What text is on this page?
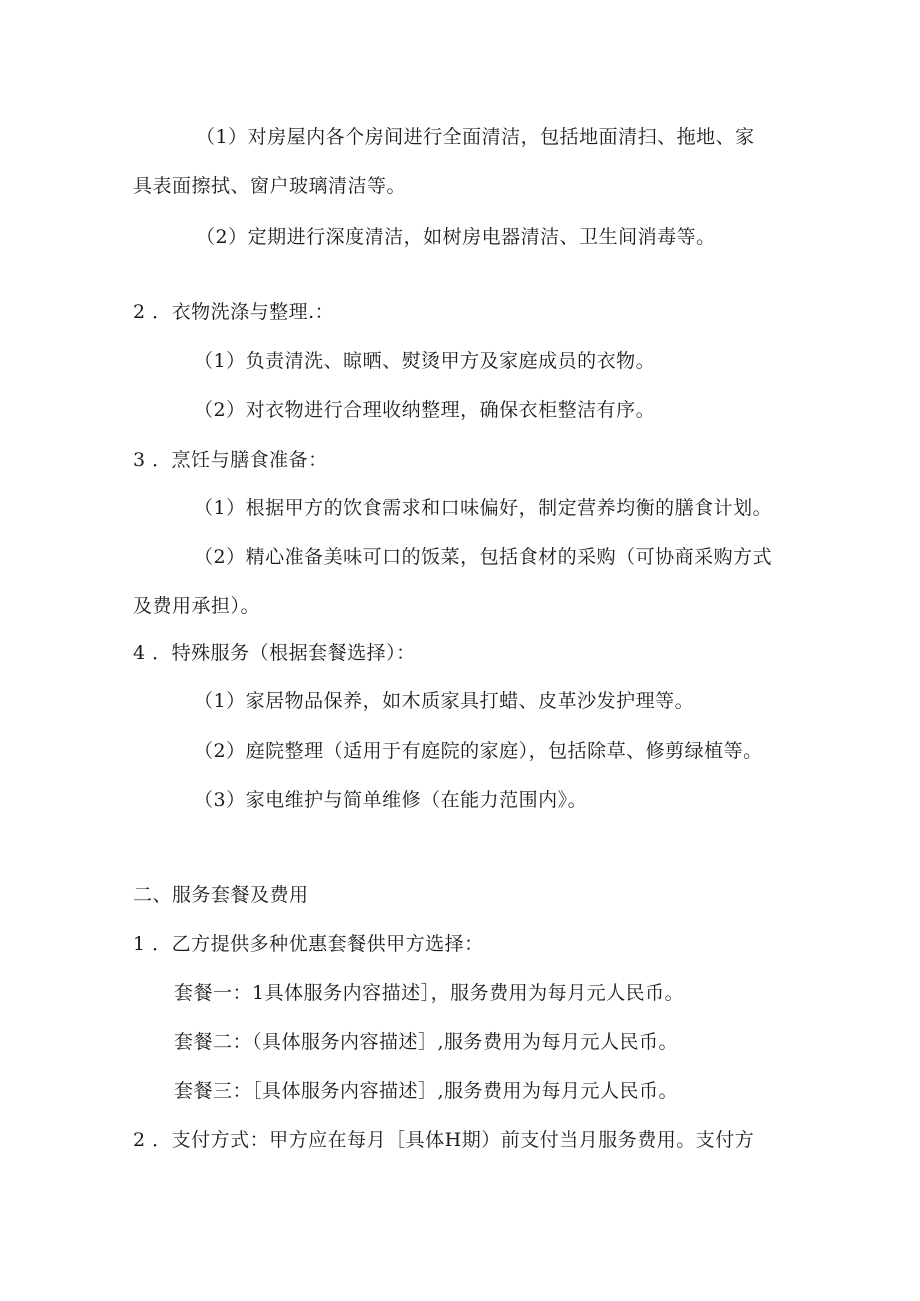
（1）对房屋内各个房间进行全面清洁，包括地面清扫、拖地、家

具表面擦拭、窗户玻璃清洁等。

（2）定期进行深度清洁，如树房电器清洁、卫生间消毒等。

2 ．衣物洗涤与整理.：

（1）负责清洗、晾晒、熨烫甲方及家庭成员的衣物。

（2）对衣物进行合理收纳整理，确保衣柜整洁有序。

3 ．烹饪与膳食准备：

（1）根据甲方的饮食需求和口味偏好，制定营养均衡的膳食计划。

（2）精心准备美味可口的饭菜，包括食材的采购（可协商采购方式

及费用承担）。

4 ．特殊服务（根据套餐选择）：

（1）家居物品保养，如木质家具打蜡、皮革沙发护理等。

（2）庭院整理（适用于有庭院的家庭），包括除草、修剪绿植等。

（3）家电维护与简单维修（在能力范围内》。

二、服务套餐及费用

1 ．乙方提供多种优惠套餐供甲方选择：

套餐一：1具体服务内容描述］，服务费用为每月元人民币。

套餐二：（具体服务内容描述］,服务费用为每月元人民币。

套餐三：［具体服务内容描述］,服务费用为每月元人民币。

2 ．支付方式：甲方应在每月［具体H期）前支付当月服务费用。支付方
